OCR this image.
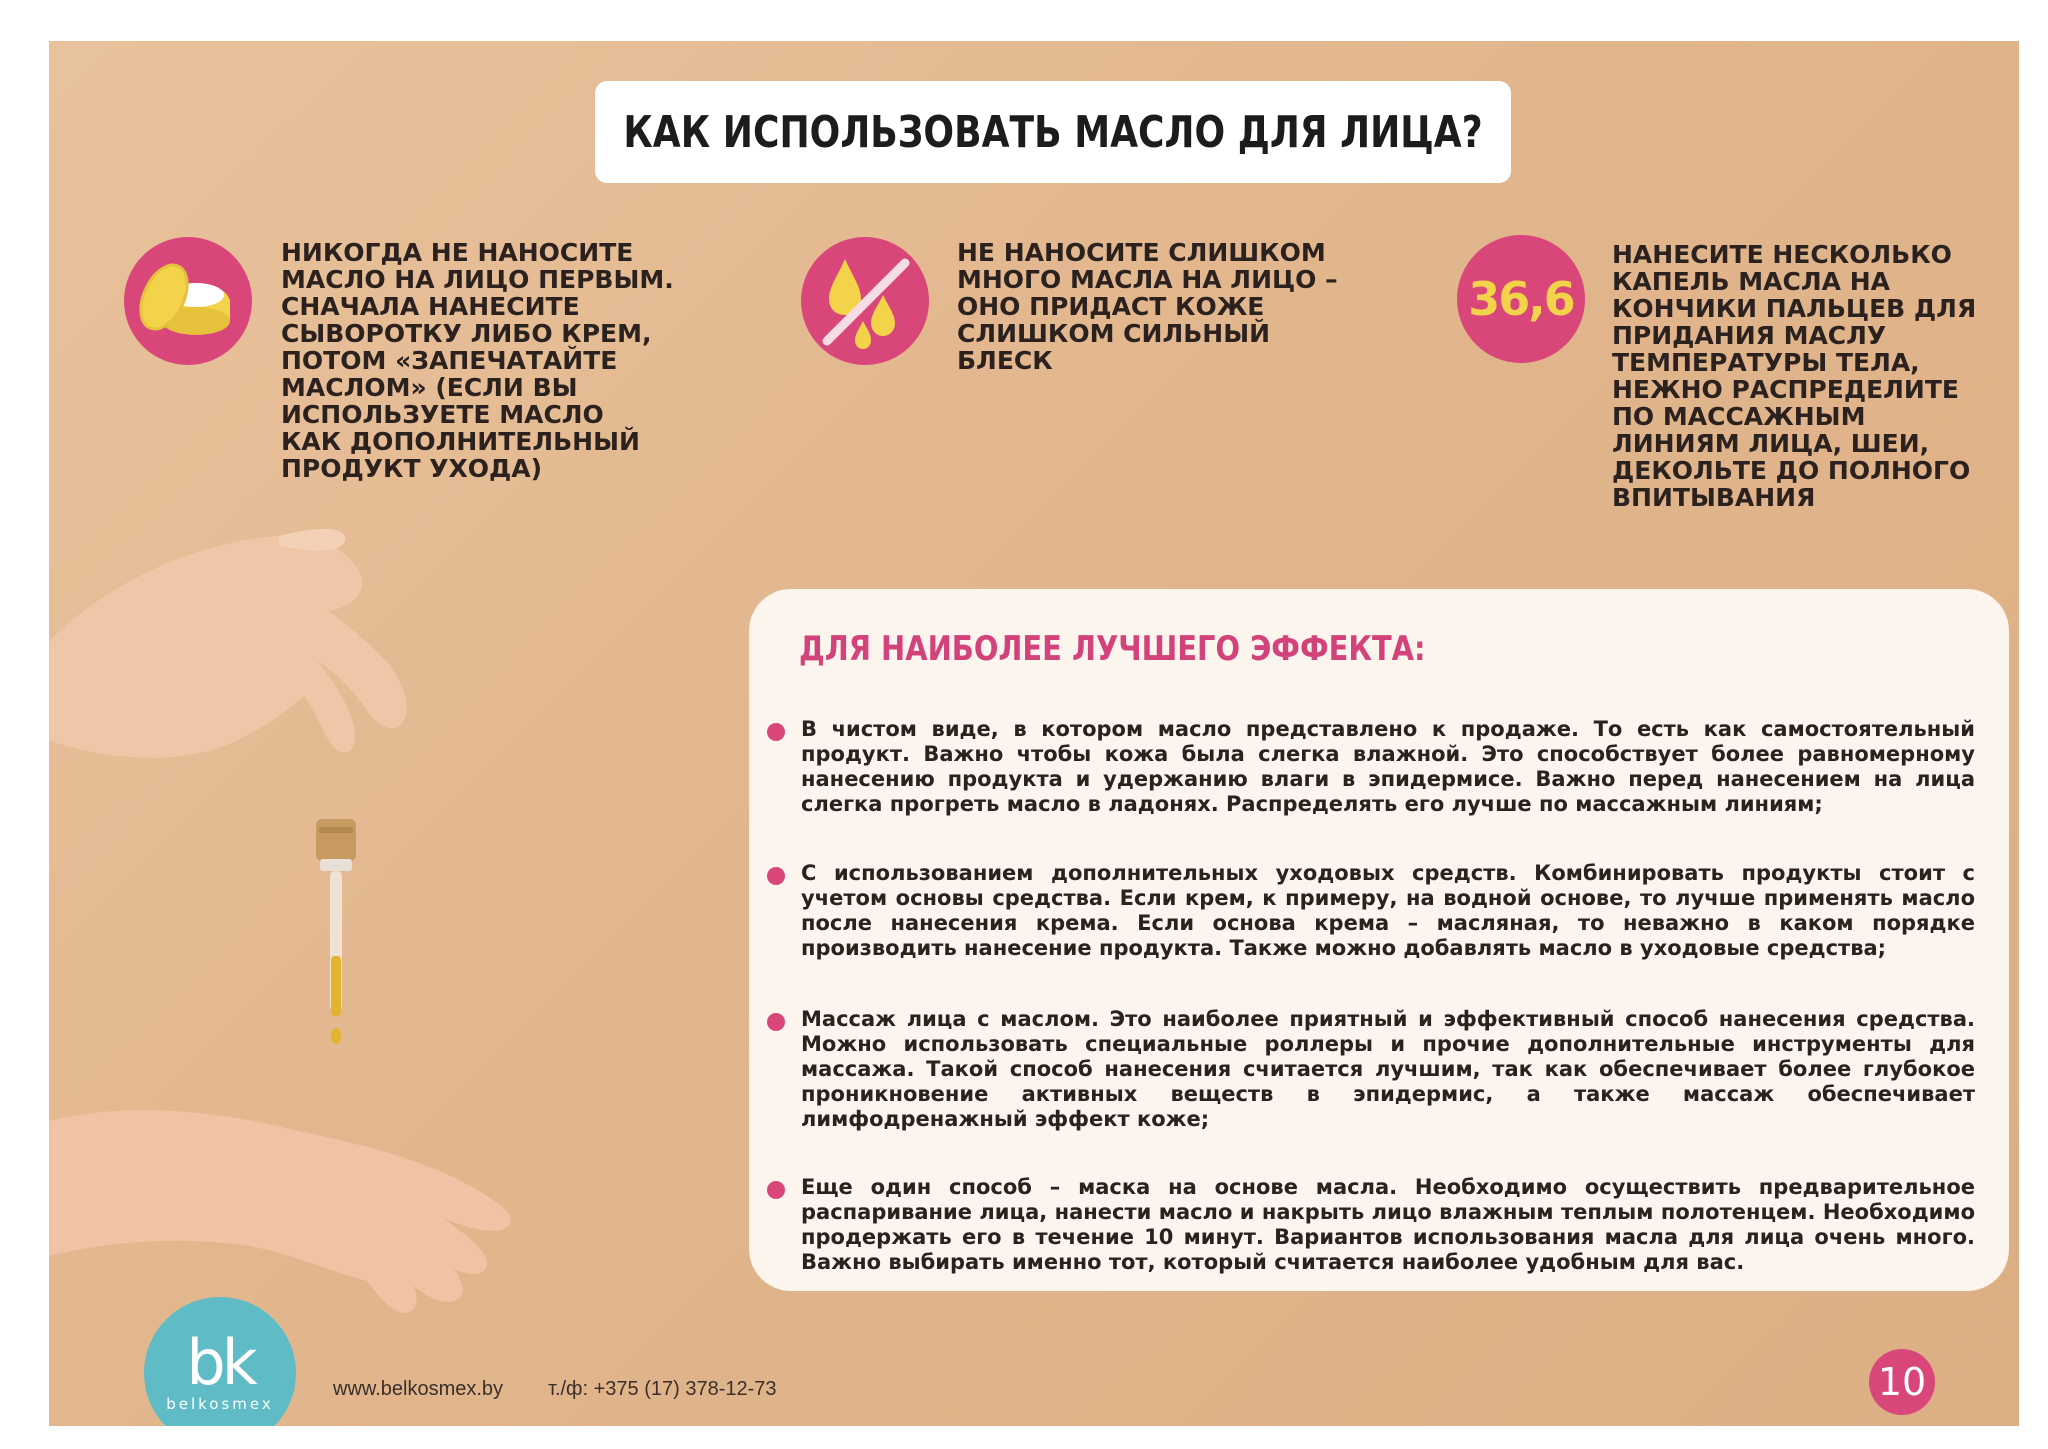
КАК ИСПОЛЬЗОВАТЬ МАСЛО ДЛЯ ЛИЦА?
НИКОГДА НЕ НАНОСИТЕ
МАСЛО НА ЛИЦО ПЕРВЫМ.
СНАЧАЛА НАНЕСИТЕ
СЫВОРОТКУ ЛИБО КРЕМ,
ПОТОМ «ЗАПЕЧАТАЙТЕ
МАСЛОМ» (ЕСЛИ ВЫ
ИСПОЛЬЗУЕТЕ МАСЛО
КАК ДОПОЛНИТЕЛЬНЫЙ
ПРОДУКТ УХОДА)
НЕ НАНОСИТЕ СЛИШКОМ
МНОГО МАСЛА НА ЛИЦО –
ОНО ПРИДАСТ КОЖЕ
СЛИШКОМ СИЛЬНЫЙ
БЛЕСК
36,6
НАНЕСИТЕ НЕСКОЛЬКО
КАПЕЛЬ МАСЛА НА
КОНЧИКИ ПАЛЬЦЕВ ДЛЯ
ПРИДАНИЯ МАСЛУ
ТЕМПЕРАТУРЫ ТЕЛА,
НЕЖНО РАСПРЕДЕЛИТЕ
ПО МАССАЖНЫМ
ЛИНИЯМ ЛИЦА, ШЕИ,
ДЕКОЛЬТЕ ДО ПОЛНОГО
ВПИТЫВАНИЯ
ДЛЯ НАИБОЛЕЕ ЛУЧШЕГО ЭФФЕКТА:
В чистом виде, в котором масло представлено к продаже. То есть как самостоятельный продукт. Важно чтобы кожа была слегка влажной. Это способствует более равномерному нанесению продукта и удержанию влаги в эпидермисе. Важно перед нанесением на лица слегка прогреть масло в ладонях. Распределять его лучше по массажным линиям;
С использованием дополнительных уходовых средств. Комбинировать продукты стоит с учетом основы средства. Если крем, к примеру, на водной основе, то лучше применять масло после нанесения крема. Если основа крема – масляная, то неважно в каком порядке производить нанесение продукта. Также можно добавлять масло в уходовые средства;
Массаж лица с маслом. Это наиболее приятный и эффективный способ нанесения средства. Можно использовать специальные роллеры и прочие дополнительные инструменты для массажа. Такой способ нанесения считается лучшим, так как обеспечивает более глубокое проникновение активных веществ в эпидермис, а также массаж обеспечивает лимфодренажный эффект коже;
Еще один способ – маска на основе масла. Необходимо осуществить предварительное распаривание лица, нанести масло и накрыть лицо влажным теплым полотенцем. Необходимо продержать его в течение 10 минут. Вариантов использования масла для лица очень много. Важно выбирать именно тот, который считается наиболее удобным для вас.
bk
belkosmex
www.belkosmex.by т./ф: +375 (17) 378-12-73	10
